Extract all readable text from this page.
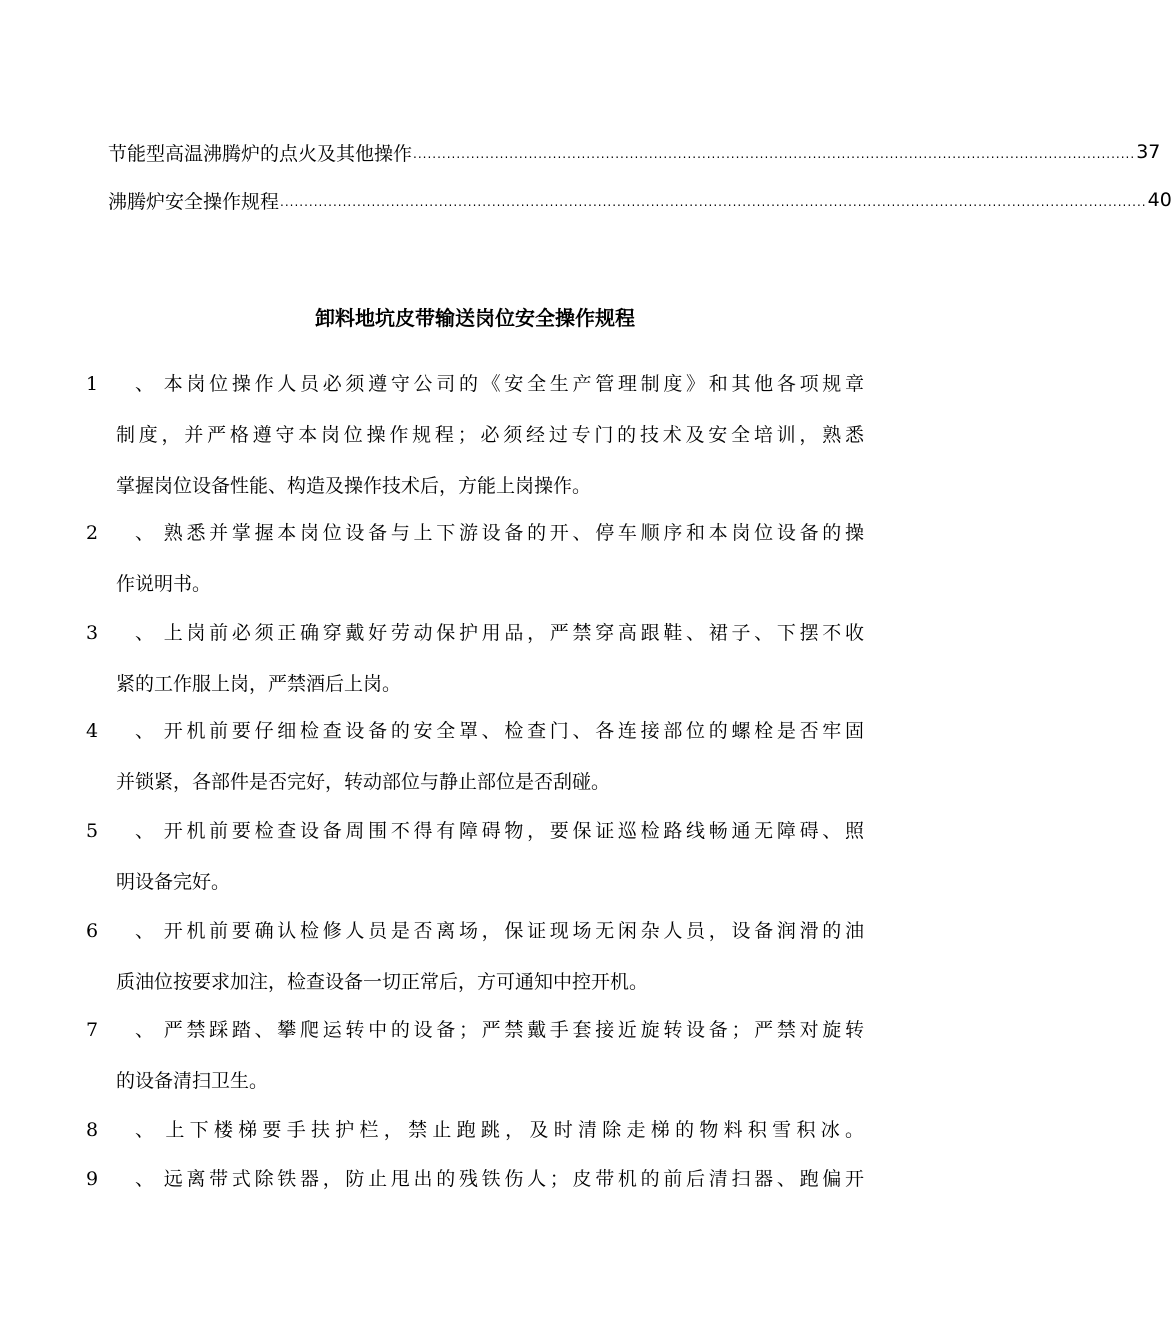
节能型高温沸腾炉的点火及其他操作 ...................................................................................................................................................... 37
沸腾炉安全操作规程 .................................................................................................................................................................................... 40
卸料地坑皮带输送岗位安全操作规程
1、 本岗位操作人员必须遵守公司的《安全生产管理制度》和其他各项规章
制度，并严格遵守本岗位操作规程；必须经过专门的技术及安全培训，熟悉
掌握岗位设备性能、构造及操作技术后，方能上岗操作。
2、 熟悉并掌握本岗位设备与上下游设备的开、停车顺序和本岗位设备的操
作说明书。
3、 上岗前必须正确穿戴好劳动保护用品，严禁穿高跟鞋、裙子、下摆不收
紧的工作服上岗，严禁酒后上岗。
4、 开机前要仔细检查设备的安全罩、检查门、各连接部位的螺栓是否牢固
并锁紧，各部件是否完好，转动部位与静止部位是否刮碰。
5、 开机前要检查设备周围不得有障碍物，要保证巡检路线畅通无障碍、照
明设备完好。
6、 开机前要确认检修人员是否离场，保证现场无闲杂人员，设备润滑的油
质油位按要求加注，检查设备一切正常后，方可通知中控开机。
7、 严禁踩踏、攀爬运转中的设备；严禁戴手套接近旋转设备；严禁对旋转
的设备清扫卫生。
8、 上下楼梯要手扶护栏，禁止跑跳，及时清除走梯的物料积雪积冰。
9、 远离带式除铁器，防止甩出的残铁伤人；皮带机的前后清扫器、跑偏开
